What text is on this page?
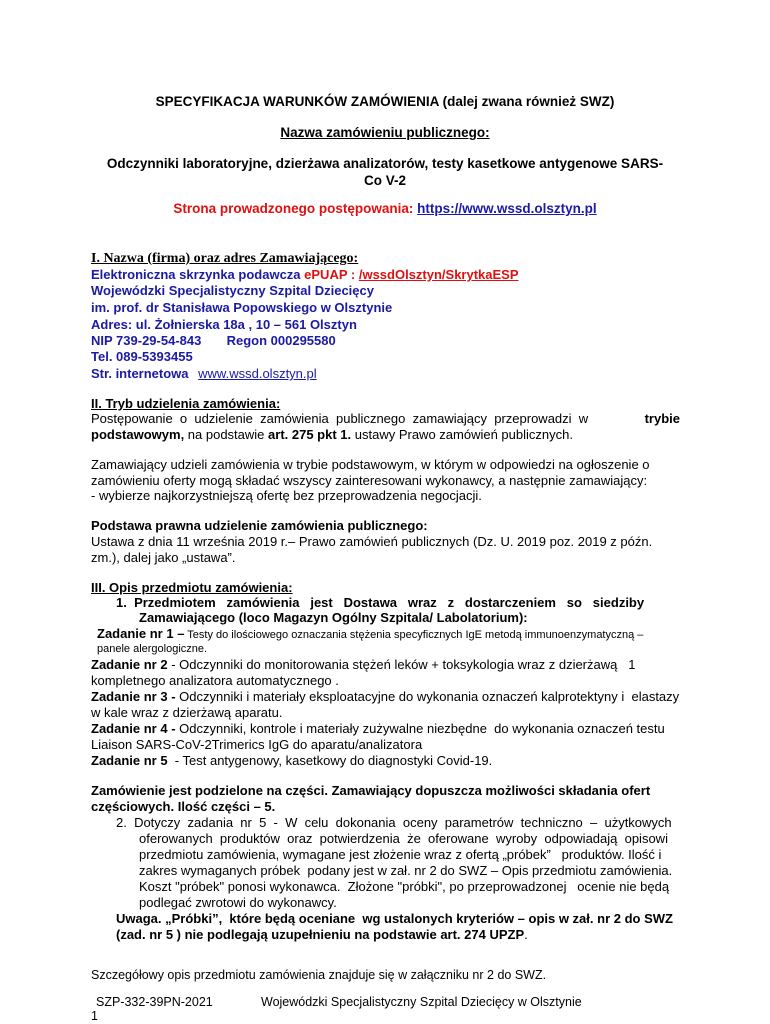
SPECYFIKACJA WARUNKÓW ZAMÓWIENIA (dalej zwana również SWZ)
Nazwa zamówieniu publicznego:
Odczynniki laboratoryjne, dzierżawa analizatorów, testy kasetkowe antygenowe SARS-
Co V-2
Strona prowadzonego postępowania: https://www.wssd.olsztyn.pl
I. Nazwa (firma) oraz adres Zamawiającego:
Elektroniczna skrzynka podawcza ePUAP : /wssdOlsztyn/SkrytkaESP
Wojewódzki Specjalistyczny Szpital Dziecięcy
im. prof. dr Stanisława Popowskiego w Olsztynie
Adres: ul. Żołnierska 18a , 10 – 561 Olsztyn
NIP 739-29-54-843 Regon 000295580
Tel. 089-5393455
Str. internetowa www.wssd.olsztyn.pl
II. Tryb udzielenia zamówienia:
Postępowanie  o  udzielenie  zamówienia  publicznego  zamawiający  przeprowadzi  w	trybie
podstawowym, na podstawie art. 275 pkt 1. ustawy Prawo zamówień publicznych.
Zamawiający udzieli zamówienia w trybie podstawowym, w którym w odpowiedzi na ogłoszenie o
zamówieniu oferty mogą składać wszyscy zainteresowani wykonawcy, a następnie zamawiający:
- wybierze najkorzystniejszą ofertę bez przeprowadzenia negocjacji.
Podstawa prawna udzielenie zamówienia publicznego:
Ustawa z dnia 11 września 2019 r.– Prawo zamówień publicznych (Dz. U. 2019 poz. 2019 z późn.
zm.), dalej jako „ustawa”.
III. Opis przedmiotu zamówienia:
1.  Przedmiotem   zamówienia   jest   Dostawa   wraz   z   dostarczeniem   so   siedziby
Zamawiającego (loco Magazyn Ogólny Szpitala/ Labolatorium):
Zadanie nr 1 – Testy do ilościowego oznaczania stężenia specyficznych IgE metodą immunoenzymatyczną –
panele alergologiczne.
Zadanie nr 2 - Odczynniki do monitorowania stężeń leków + toksykologia wraz z dzierżawą   1
kompletnego analizatora automatycznego .
Zadanie nr 3 - Odczynniki i materiały eksploatacyjne do wykonania oznaczeń kalprotektyny i  elastazy
w kale wraz z dzierżawą aparatu.
Zadanie nr 4 - Odczynniki, kontrole i materiały zużywalne niezbędne  do wykonania oznaczeń testu
Liaison SARS-CoV-2Trimerics IgG do aparatu/analizatora
Zadanie nr 5  - Test antygenowy, kasetkowy do diagnostyki Covid-19.
Zamówienie jest podzielone na części. Zamawiający dopuszcza możliwości składania ofert
częściowych. Ilość części – 5.
2.  Dotyczy  zadania  nr  5  -  W  celu  dokonania  oceny  parametrów  techniczno  –  użytkowych
oferowanych  produktów  oraz  potwierdzenia  że  oferowane  wyroby  odpowiadają  opisowi
przedmiotu zamówienia, wymagane jest złożenie wraz z ofertą „próbek”   produktów. Ilość i
zakres wymaganych próbek  podany jest w zał. nr 2 do SWZ – Opis przedmiotu zamówienia.
Koszt "próbek" ponosi wykonawca.  Złożone "próbki", po przeprowadzonej   ocenie nie będą
podlegać zwrotowi do wykonawcy.
Uwaga. „Próbki”,  które będą oceniane  wg ustalonych kryteriów – opis w zał. nr 2 do SWZ
(zad. nr 5 ) nie podlegają uzupełnieniu na podstawie art. 274 UPZP.
Szczegółowy opis przedmiotu zamówienia znajduje się w załączniku nr 2 do SWZ.
SZP-332-39PN-2021	Wojewódzki Specjalistyczny Szpital Dziecięcy w Olsztynie
1
